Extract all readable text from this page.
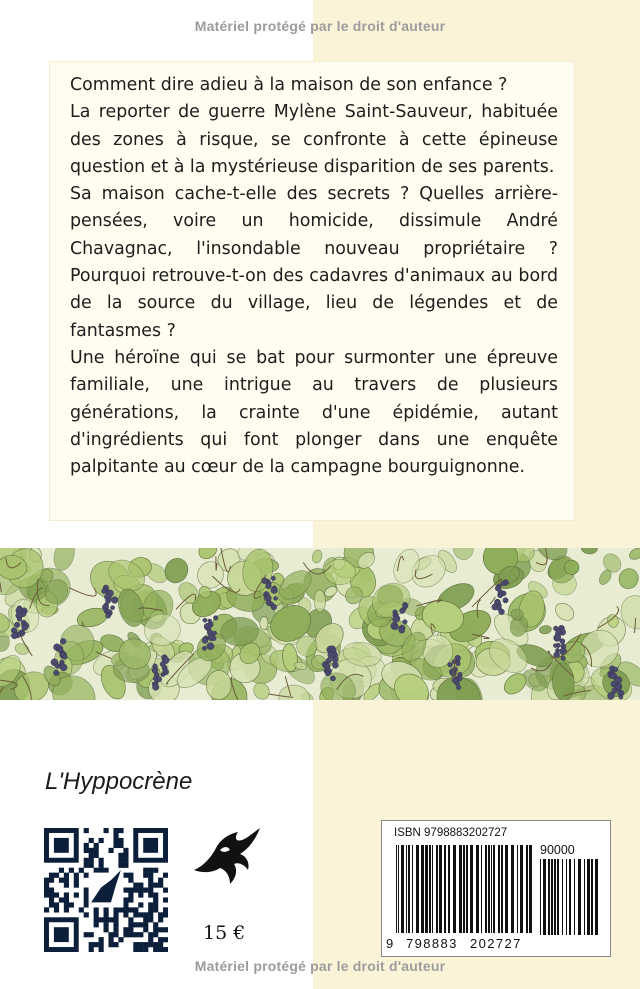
Matériel protégé par le droit d'auteur

Comment dire adieu à la maison de son enfance ?

La reporter de guerre Mylène Saint-Sauveur, habituée des zones à risque, se confronte à cette épineuse question et à la mystérieuse disparition de ses parents.

Sa maison cache-t-elle des secrets ? Quelles arrière-pensées, voire un homicide, dissimule André Chavagnac, l'insondable nouveau propriétaire ? Pourquoi retrouve-t-on des cadavres d'animaux au bord de la source du village, lieu de légendes et de fantasmes ?

Une héroïne qui se bat pour surmonter une épreuve familiale, une intrigue au travers de plusieurs générations, la crainte d'une épidémie, autant d'ingrédients qui font plonger dans une enquête palpitante au cœur de la campagne bourguignonne.

L'Hyppocrène
15 €
ISBN 9798883202727
90000
9 798883 202727
Matériel protégé par le droit d'auteur
